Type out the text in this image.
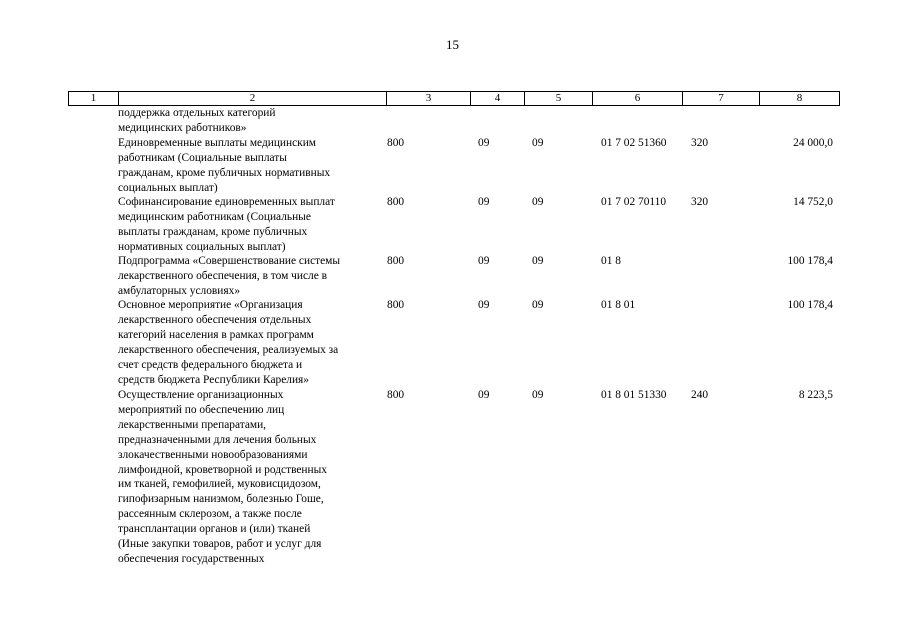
15
1	2	3	4	5	6	7	8
поддержка отдельных категорий
медицинских работников»
Единовременные выплаты медицинским
работникам (Социальные выплаты
гражданам, кроме публичных нормативных
социальных выплат)
800	09	09	01 7 02 51360 320	24 000,0
Софинансирование единовременных выплат
медицинским работникам (Социальные
выплаты гражданам, кроме публичных
нормативных социальных выплат)
800	09	09	01 7 02 70110 320	14 752,0
Подпрограмма «Совершенствование системы
лекарственного обеспечения, в том числе в
амбулаторных условиях»
800	09	09	01 8	100 178,4
Основное мероприятие «Организация
лекарственного обеспечения отдельных
категорий населения в рамках программ
лекарственного обеспечения, реализуемых за
счет средств федерального бюджета и
средств бюджета Республики Карелия»
800	09	09	01 8 01	100 178,4
Осуществление организационных
мероприятий по обеспечению лиц
лекарственными препаратами,
предназначенными для лечения больных
злокачественными новообразованиями
лимфоидной, кроветворной и родственных
им тканей, гемофилией, муковисцидозом,
гипофизарным нанизмом, болезнью Гоше,
рассеянным склерозом, а также после
трансплантации органов и (или) тканей
(Иные закупки товаров, работ и услуг для
обеспечения государственных
800	09	09	01 8 01 51330 240	8 223,5
